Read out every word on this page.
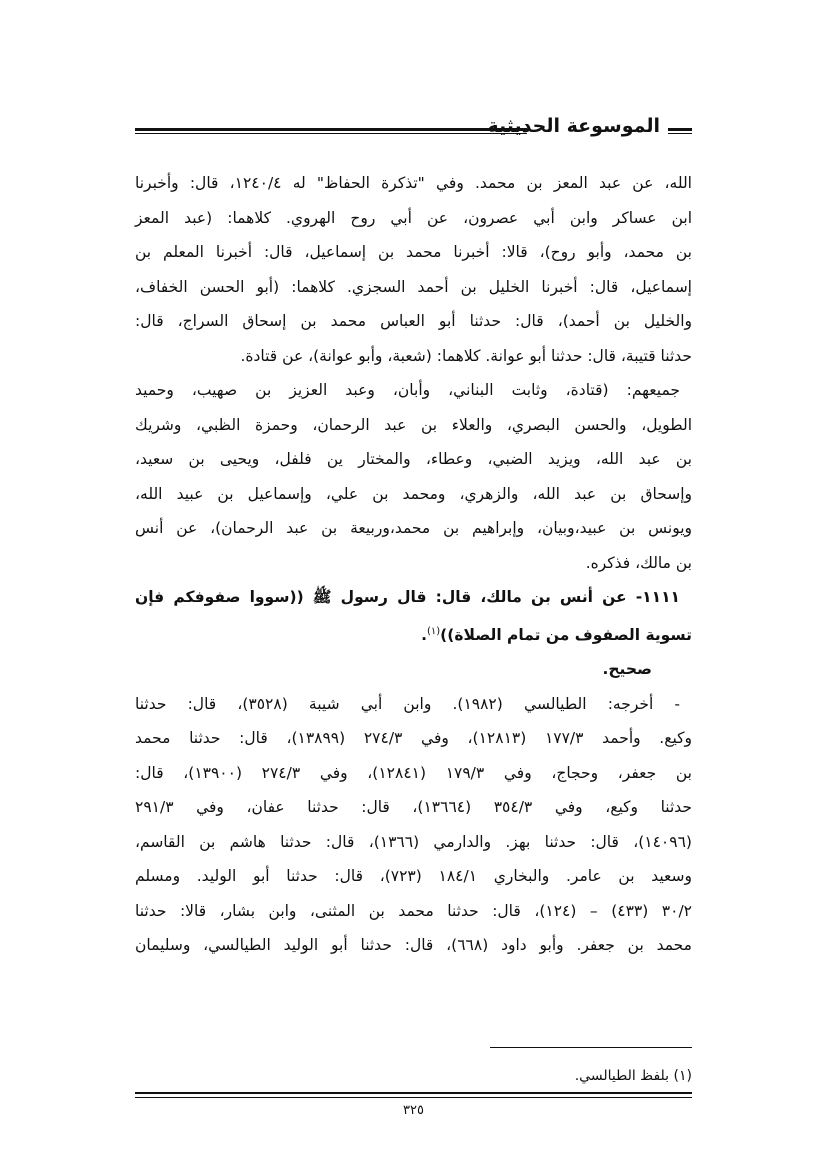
الموسوعة الحديثية

الله، عن عبد المعز بن محمد. وفي "تذكرة الحفاظ" له ١٢٤٠/٤، قال: وأخبرنا
ابن عساكر وابن أبي عصرون، عن أبي روح الهروي. كلاهما: (عبد المعز
بن محمد، وأبو روح)، قالا: أخبرنا محمد بن إسماعيل، قال: أخبرنا المعلم بن
إسماعيل، قال: أخبرنا الخليل بن أحمد السجزي. كلاهما: (أبو الحسن الخفاف،
والخليل بن أحمد)، قال: حدثنا أبو العباس محمد بن إسحاق السراج، قال:
حدثنا قتيبة، قال: حدثنا أبو عوانة. كلاهما: (شعبة، وأبو عوانة)، عن قتادة.

جميعهم: (قتادة، وثابت البناني، وأبان، وعبد العزيز بن صهيب، وحميد
الطويل، والحسن البصري، والعلاء بن عبد الرحمان، وحمزة الظبي، وشريك
بن عبد الله، ويزيد الضبي، وعطاء، والمختار ين فلفل، ويحيى بن سعيد،
وإسحاق بن عبد الله، والزهري، ومحمد بن علي، وإسماعيل بن عبيد الله،
ويونس بن عبيد،وبيان، وإبراهيم بن محمد،وربيعة بن عبد الرحمان)، عن أنس
بن مالك، فذكره.

١١١١- عن أنس بن مالك، قال: قال رسول ﷺ ((سووا صفوفكم فإن
تسوية الصفوف من تمام الصلاة))$^{(١)}$.

صحيح.

- أخرجه: الطيالسي (١٩٨٢). وابن أبي شيبة (٣٥٢٨)، قال: حدثنا
وكيع. وأحمد ١٧٧/٣ (١٢٨١٣)، وفي ٢٧٤/٣ (١٣٨٩٩)، قال: حدثنا محمد
بن جعفر، وحجاج، وفي ١٧٩/٣ (١٢٨٤١)، وفي ٢٧٤/٣ (١٣٩٠٠)، قال:
حدثنا وكيع، وفي ٣٥٤/٣ (١٣٦٦٤)، قال: حدثنا عفان، وفي ٢٩١/٣
(١٤٠٩٦)، قال: حدثنا بهز. والدارمي (١٣٦٦)، قال: حدثنا هاشم بن القاسم،
وسعيد بن عامر. والبخاري ١٨٤/١ (٧٢٣)، قال: حدثنا أبو الوليد. ومسلم
٣٠/٢ (٤٣٣) – (١٢٤)، قال: حدثنا محمد بن المثنى، وابن بشار، قالا: حدثنا
محمد بن جعفر. وأبو داود (٦٦٨)، قال: حدثنا أبو الوليد الطيالسي، وسليمان

(١) بلفظ الطيالسي.
٣٢٥
